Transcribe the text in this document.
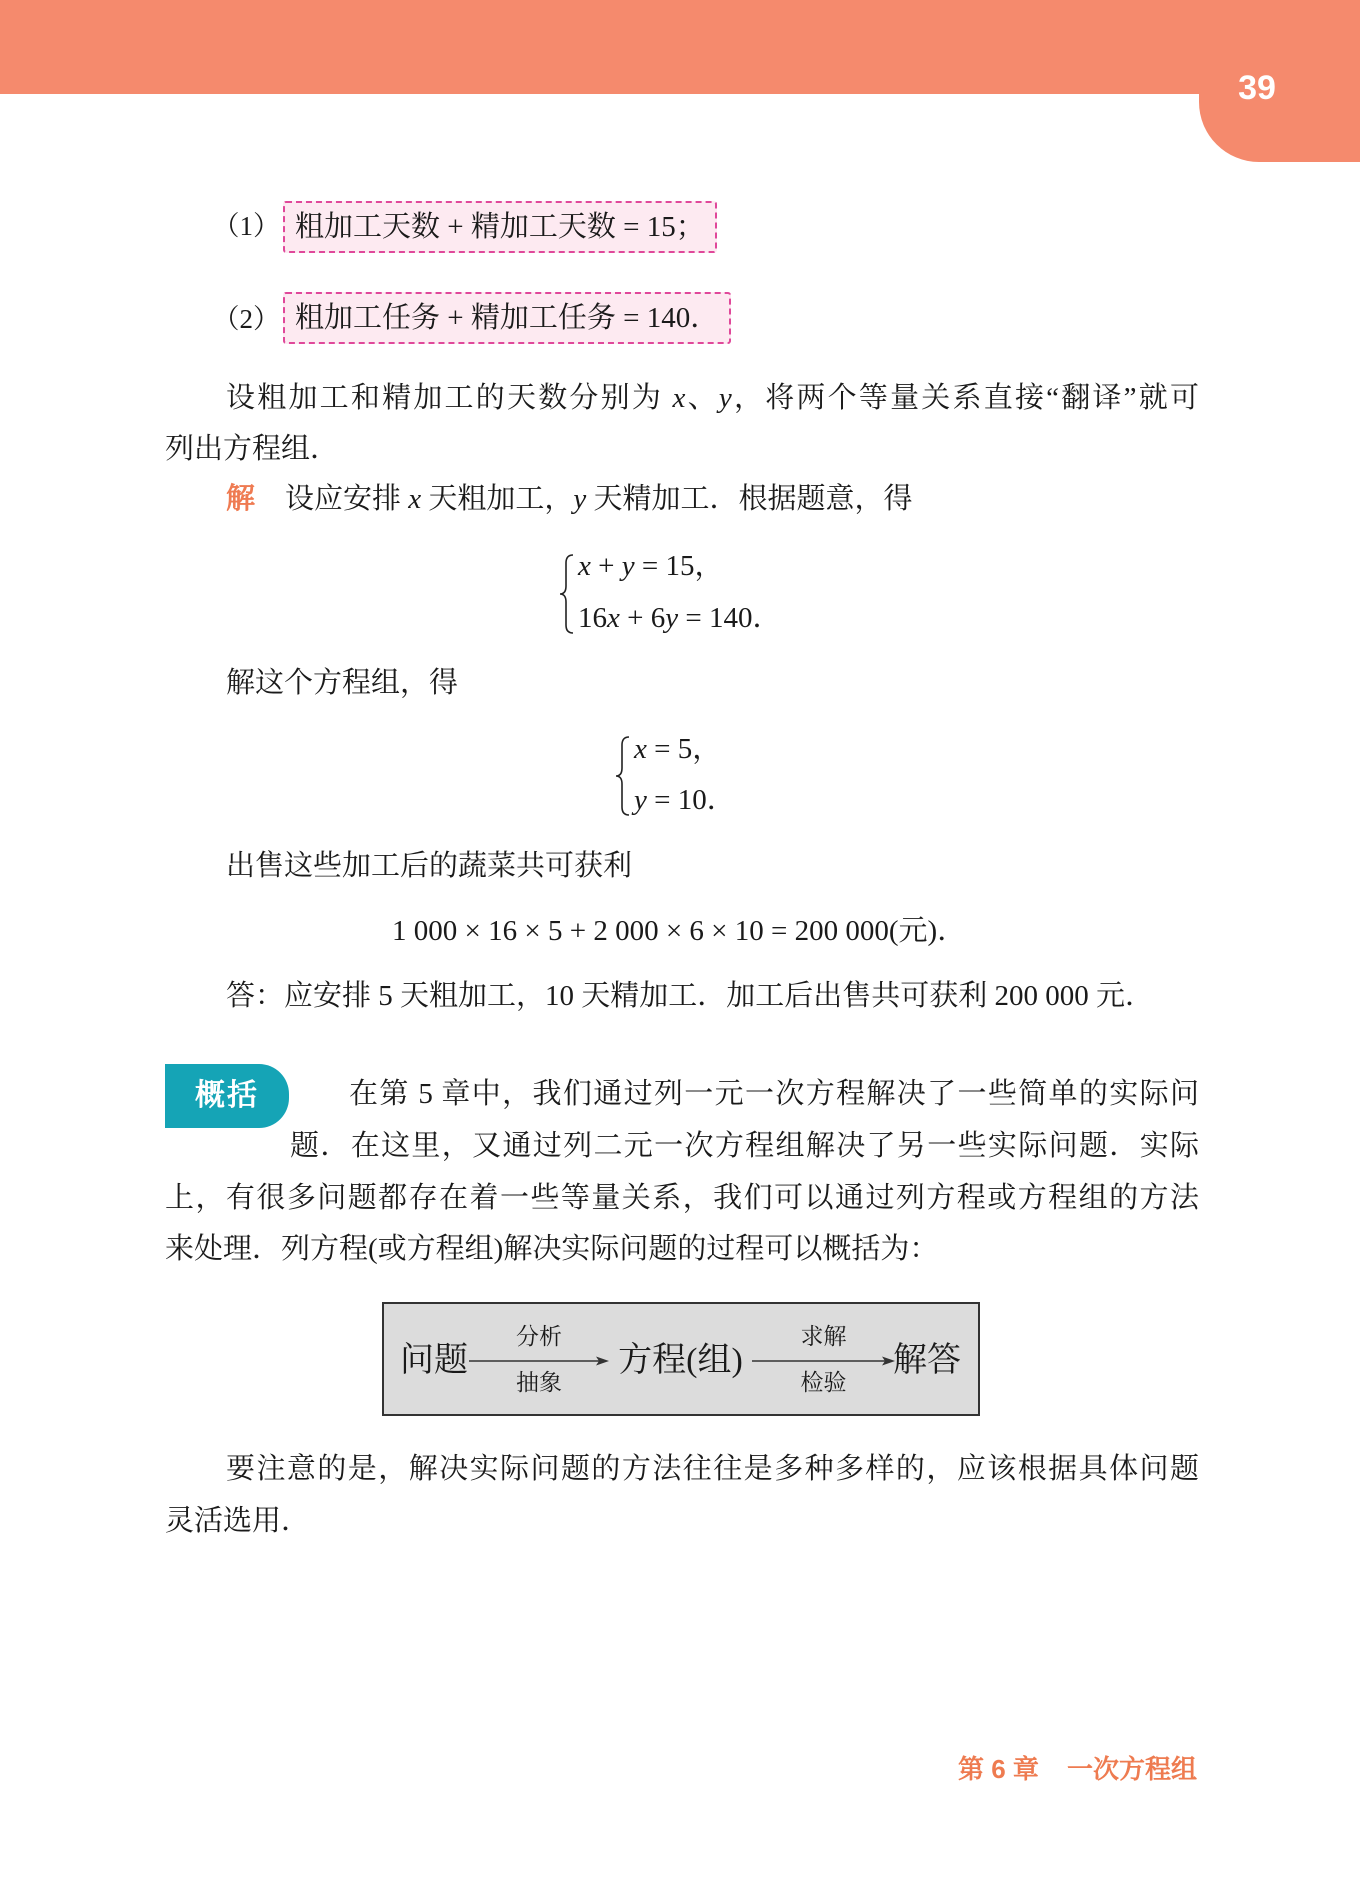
39
（1） 粗加工天数 + 精加工天数 = 15；
（2） 粗加工任务 + 精加工任务 = 140．
设粗加工和精加工的天数分别为 x、y，将两个等量关系直接“翻译”就可
列出方程组．
解 设应安排 x 天粗加工，y 天精加工．根据题意，得
x + y = 15，
16x + 6y = 140．
解这个方程组，得
x = 5，
y = 10．
出售这些加工后的蔬菜共可获利
1 000 × 16 × 5 + 2 000 × 6 × 10 = 200 000(元)．
答：应安排 5 天粗加工，10 天精加工．加工后出售共可获利 200 000 元．
概括	在第 5 章中，我们通过列一元一次方程解决了一些简单的实际问
题．在这里，又通过列二元一次方程组解决了另一些实际问题．实际
上，有很多问题都存在着一些等量关系，我们可以通过列方程或方程组的方法
来处理．列方程(或方程组)解决实际问题的过程可以概括为：
问题
分析
抽象
方程(组)
求解
检验
解答
要注意的是，解决实际问题的方法往往是多种多样的，应该根据具体问题
灵活选用．
第 6 章 一次方程组
